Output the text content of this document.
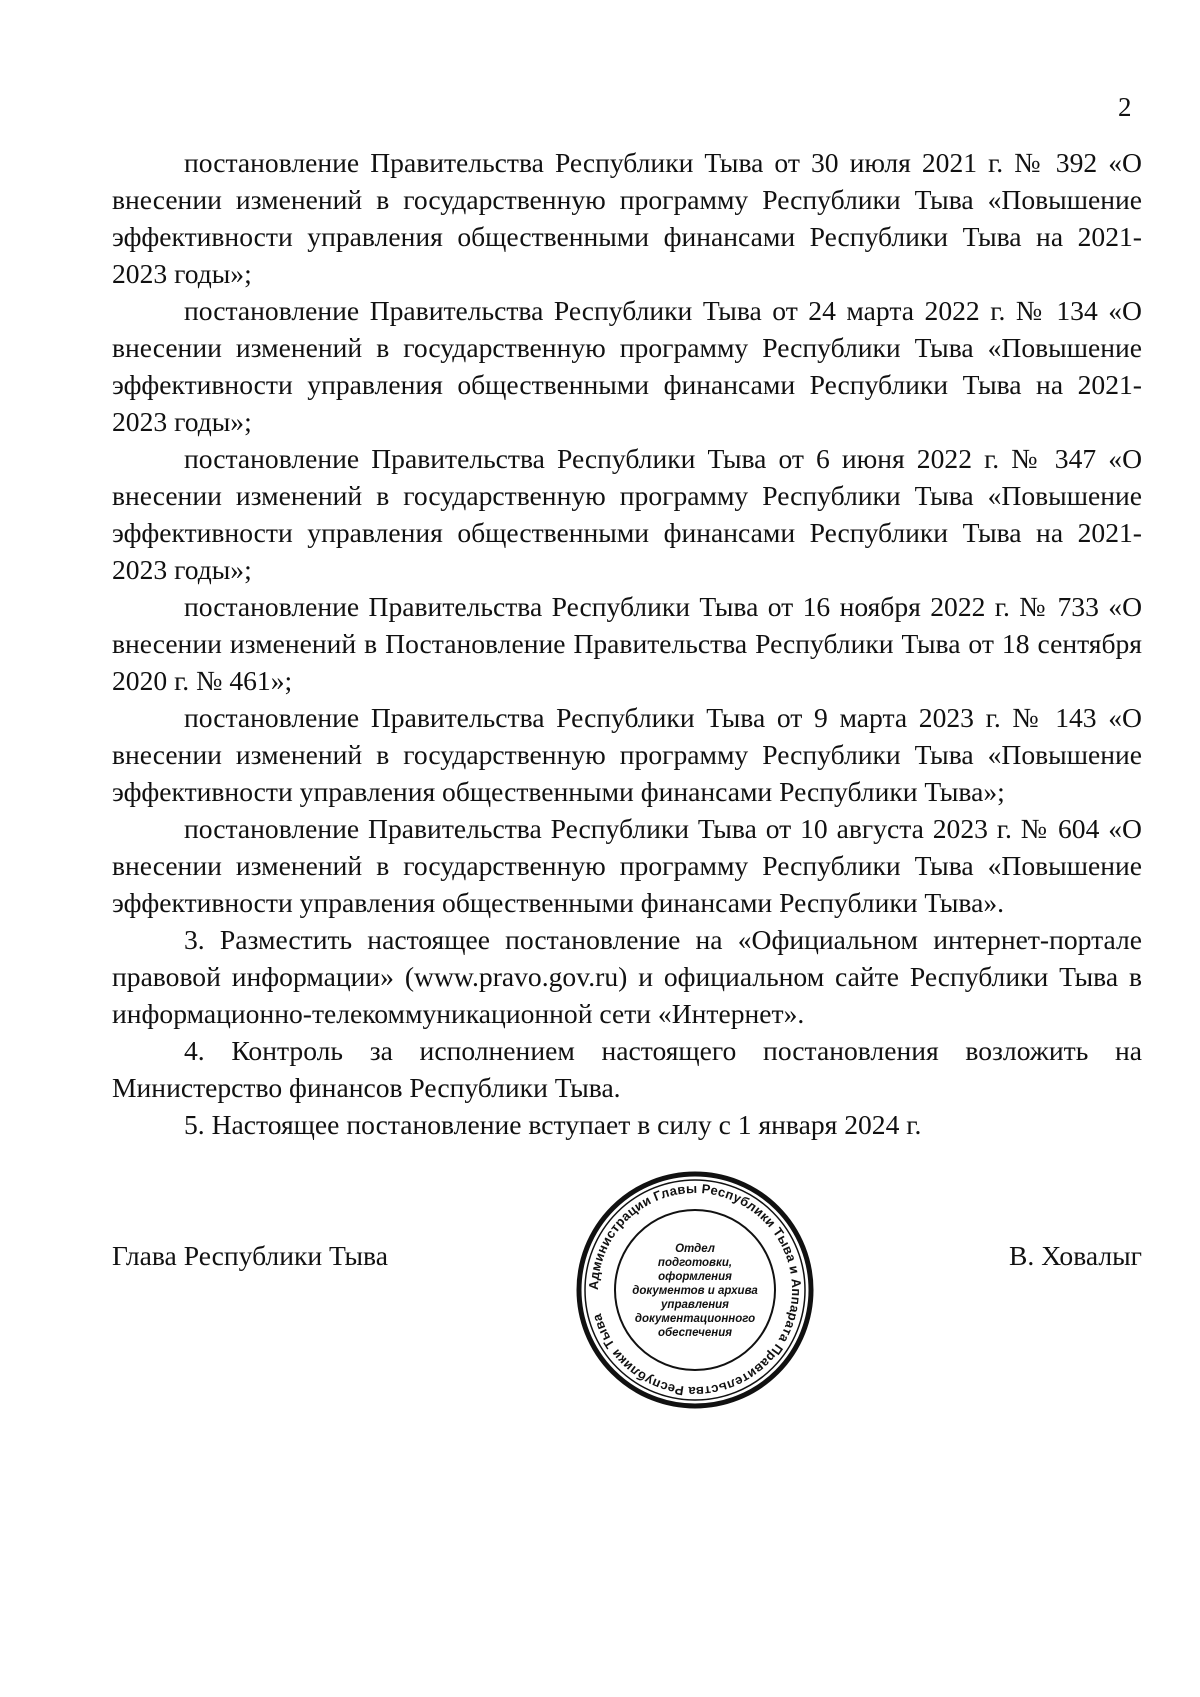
2

постановление Правительства Республики Тыва от 30 июля 2021 г. № 392 «О внесении изменений в государственную программу Республики Тыва «Повышение эффективности управления общественными финансами Республики Тыва на 2021-2023 годы»;

постановление Правительства Республики Тыва от 24 марта 2022 г. № 134 «О внесении изменений в государственную программу Республики Тыва «Повышение эффективности управления общественными финансами Республики Тыва на 2021-2023 годы»;

постановление Правительства Республики Тыва от 6 июня 2022 г. № 347 «О внесении изменений в государственную программу Республики Тыва «Повышение эффективности управления общественными финансами Республики Тыва на 2021-2023 годы»;

постановление Правительства Республики Тыва от 16 ноября 2022 г. № 733 «О внесении изменений в Постановление Правительства Республики Тыва от 18 сентября 2020 г. № 461»;

постановление Правительства Республики Тыва от 9 марта 2023 г. № 143 «О внесении изменений в государственную программу Республики Тыва «Повышение эффективности управления общественными финансами Республики Тыва»;

постановление Правительства Республики Тыва от 10 августа 2023 г. № 604 «О внесении изменений в государственную программу Республики Тыва «Повышение эффективности управления общественными финансами Республики Тыва».

3. Разместить настоящее постановление на «Официальном интернет-портале правовой информации» (www.pravo.gov.ru) и официальном сайте Республики Тыва в информационно-телекоммуникационной сети «Интернет».

4. Контроль за исполнением настоящего постановления возложить на Министерство финансов Республики Тыва.

5. Настоящее постановление вступает в силу с 1 января 2024 г.

Глава Республики Тыва	В. Ховалыг
Администрации Главы Республики Тыва и Аппарата Правительства Республики Тыва
Отдел
подготовки,
оформления
документов и архива
управления
документационного
обеспечения
